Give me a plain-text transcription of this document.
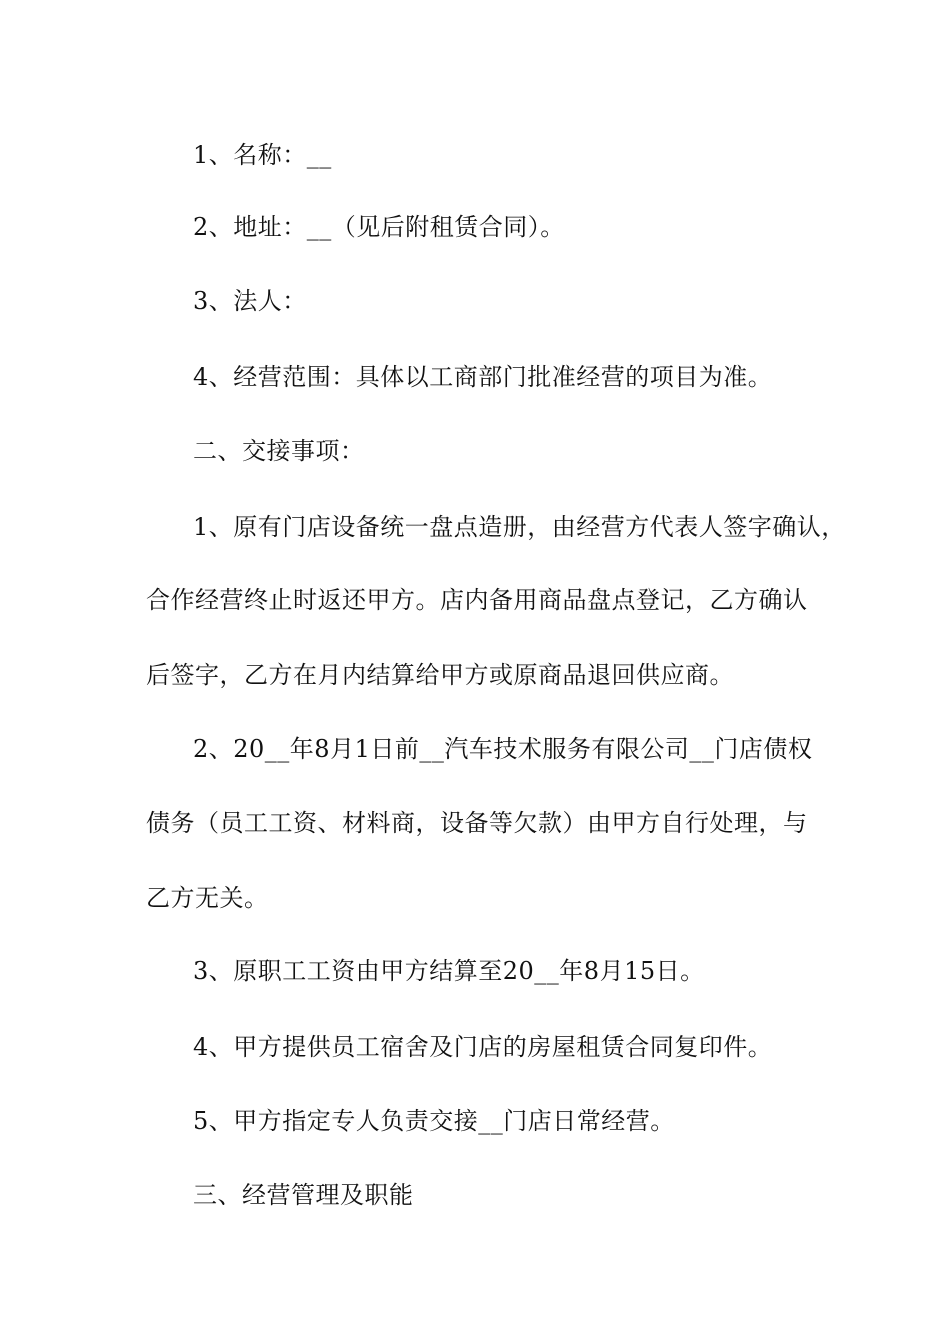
1、名称：__
2、地址：__（见后附租赁合同）。
3、法人：
4、经营范围：具体以工商部门批准经营的项目为准。
二、交接事项：
1、原有门店设备统一盘点造册，由经营方代表人签字确认，
合作经营终止时返还甲方。店内备用商品盘点登记，乙方确认
后签字，乙方在月内结算给甲方或原商品退回供应商。
2、20__年8月1日前__汽车技术服务有限公司__门店债权
债务（员工工资、材料商，设备等欠款）由甲方自行处理，与
乙方无关。
3、原职工工资由甲方结算至20__年8月15日。
4、甲方提供员工宿舍及门店的房屋租赁合同复印件。
5、甲方指定专人负责交接__门店日常经营。
三、经营管理及职能
